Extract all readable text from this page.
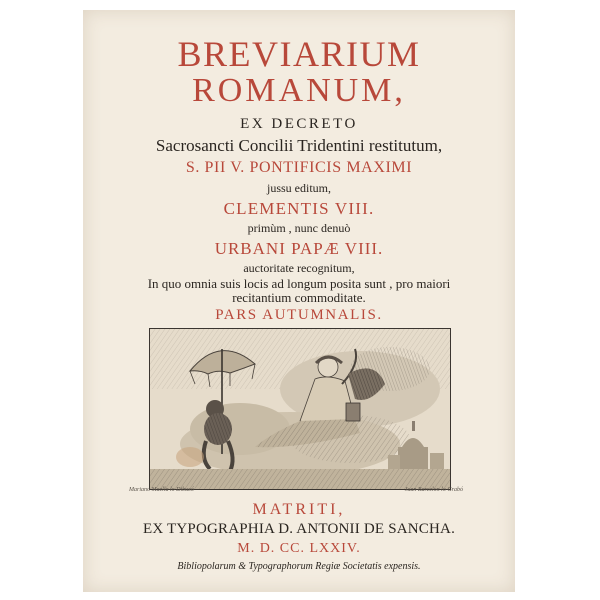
BREVIARIUM
ROMANUM,
EX DECRETO
Sacrosancti Concilii Tridentini restitutum,
S. PII V. PONTIFICIS MAXIMI
jussu editum,
CLEMENTIS VIII.
primùm , nunc denuò
URBANI PAPÆ VIII.
auctoritate recognitum,
In quo omnia suis locis ad longum posita sunt , pro maiori
recitantium commoditate.
PARS AUTUMNALIS.
Mariano Maella lo Dibuxó	Juan Barcelon lo Grabó
MATRITI,
EX TYPOGRAPHIA D. ANTONII DE SANCHA.
M. D. CC. LXXIV.
Bibliopolarum & Typographorum Regiæ Societatis expensis.
